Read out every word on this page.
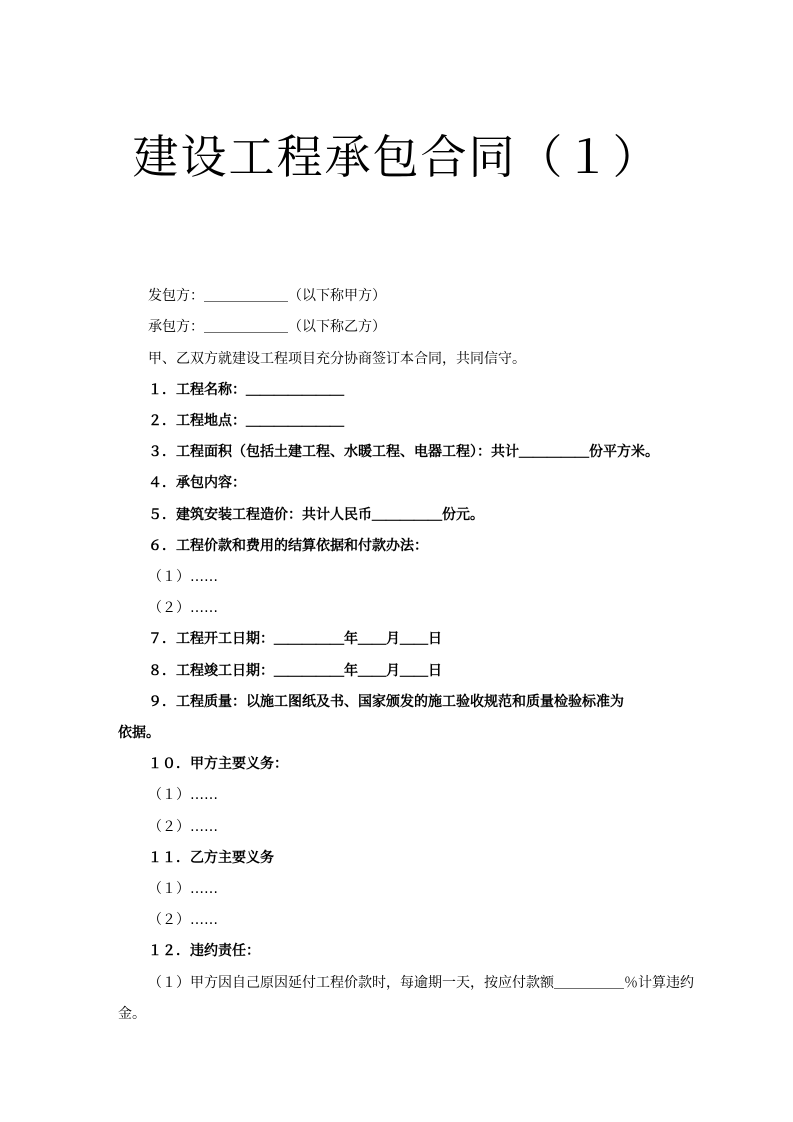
建设工程承包合同（１）
发包方：＿＿＿＿＿＿（以下称甲方）
承包方：＿＿＿＿＿＿（以下称乙方）
甲、乙双方就建设工程项目充分协商签订本合同，共同信守。
１．工程名称：＿＿＿＿＿＿＿
２．工程地点：＿＿＿＿＿＿＿
３．工程面积（包括土建工程、水暖工程、电器工程）：共计＿＿＿＿＿份平方米。
４．承包内容：
５．建筑安装工程造价：共计人民币＿＿＿＿＿份元。
６．工程价款和费用的结算依据和付款办法：
（１）……
（２）……
７．工程开工日期：＿＿＿＿＿年＿＿月＿＿日
８．工程竣工日期：＿＿＿＿＿年＿＿月＿＿日
９．工程质量：以施工图纸及书、国家颁发的施工验收规范和质量检验标准为
依据。
１０．甲方主要义务：
（１）……
（２）……
１１．乙方主要义务
（１）……
（２）……
１２．违约责任：
（１）甲方因自己原因延付工程价款时，每逾期一天，按应付款额＿＿＿＿＿％计算违约
金。
